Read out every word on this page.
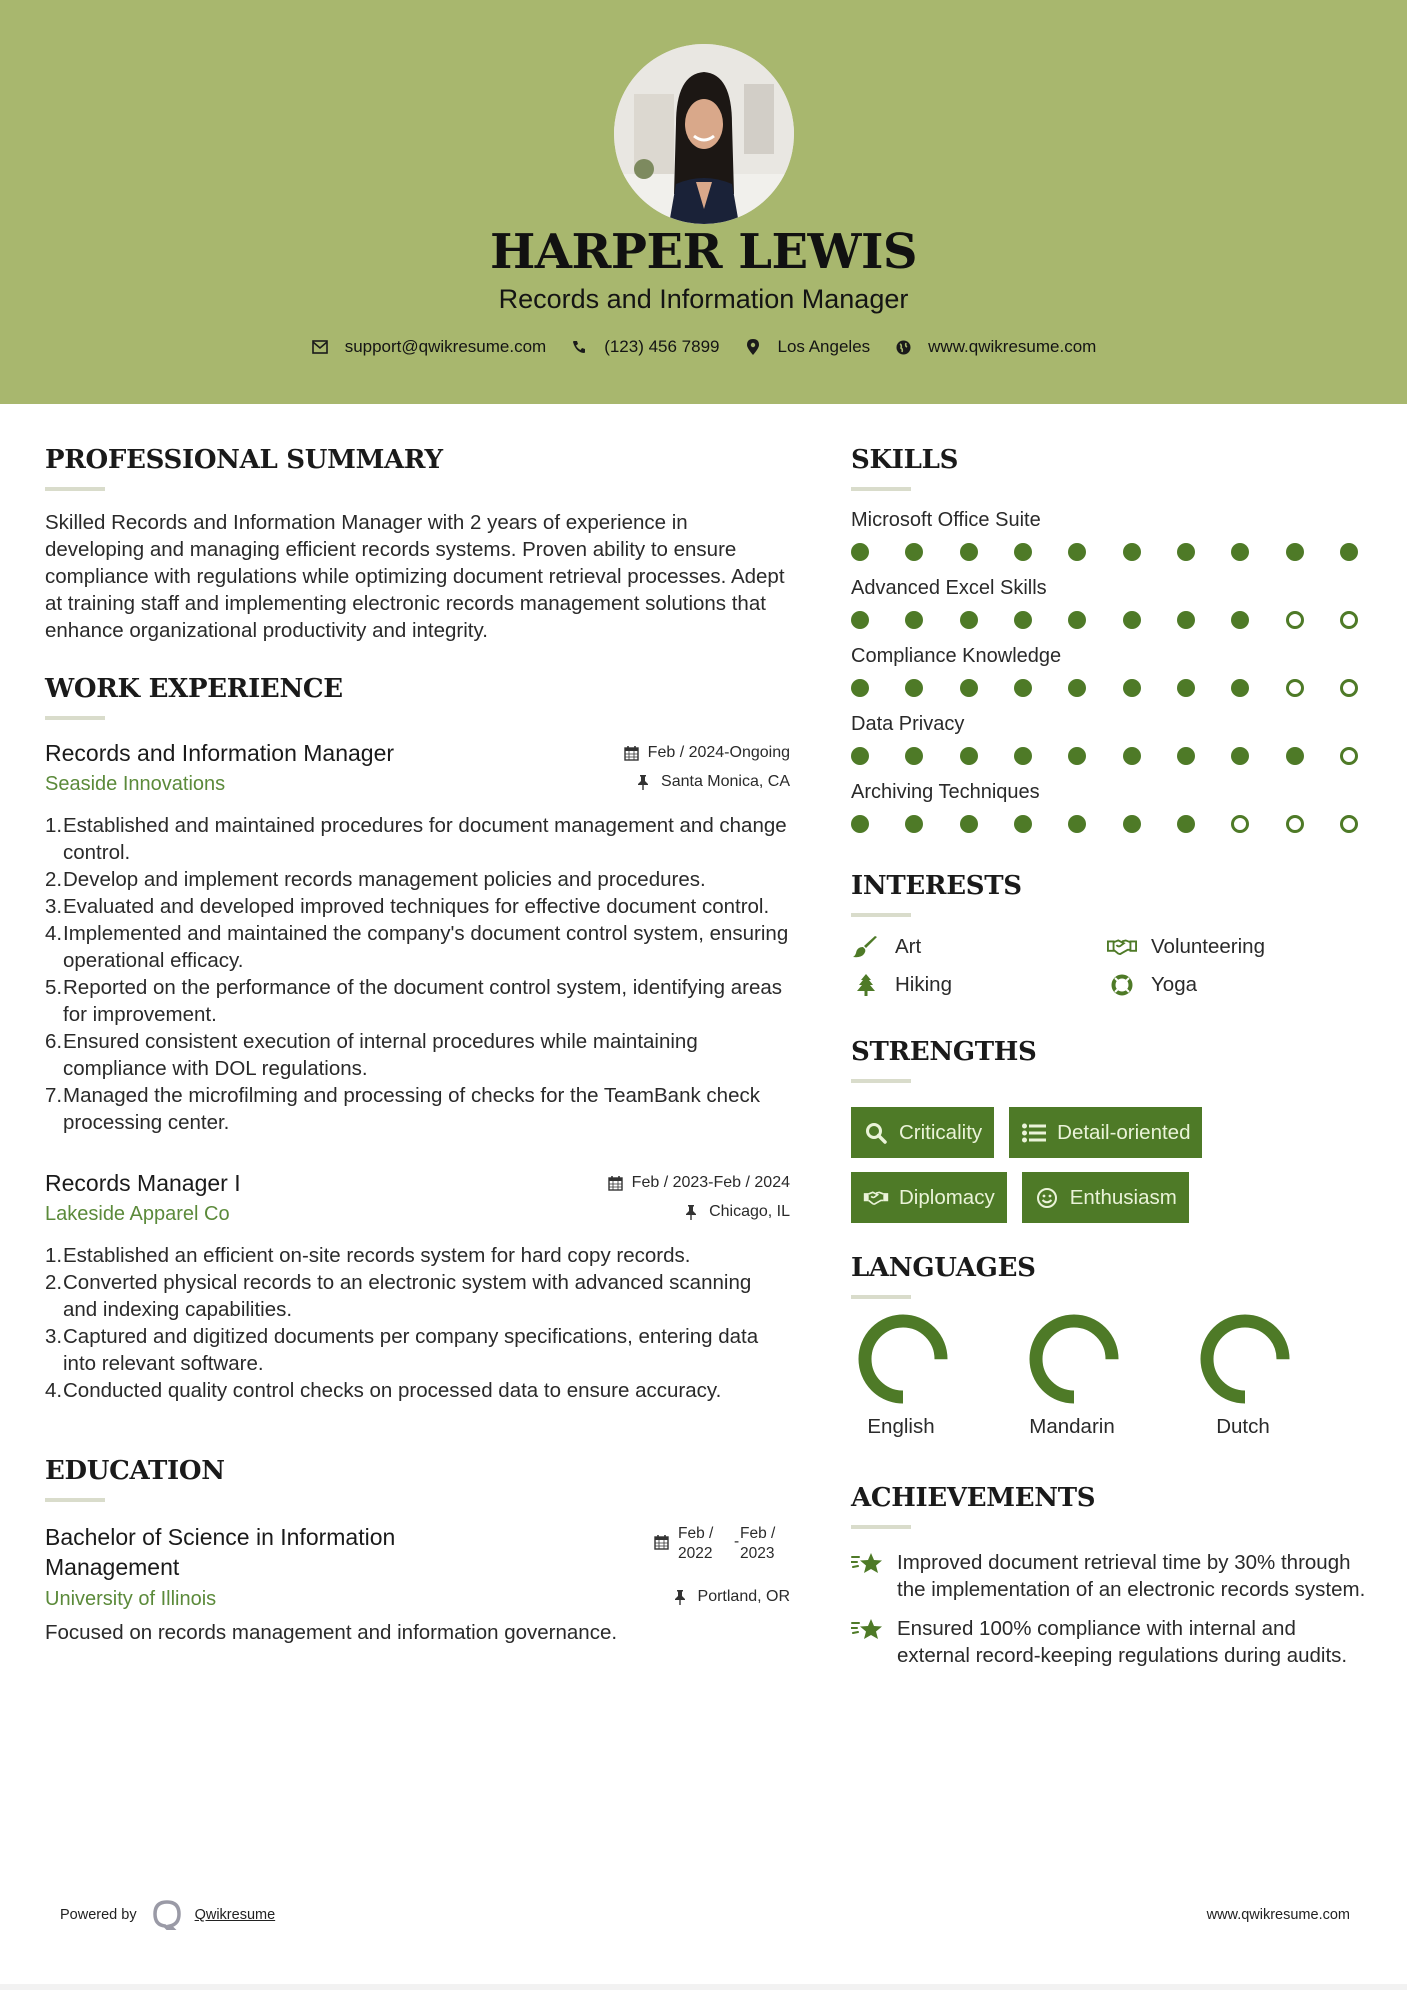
HARPER LEWIS
Records and Information Manager
support@qwikresume.com	(123) 456 7899	Los Angeles	www.qwikresume.com
PROFESSIONAL SUMMARY

Skilled Records and Information Manager with 2 years of experience in developing and managing efficient records systems. Proven ability to ensure compliance with regulations while optimizing document retrieval processes. Adept at training staff and implementing electronic records management solutions that enhance organizational productivity and integrity.

WORK EXPERIENCE
Records and Information Manager	Feb / 2024-Ongoing
Seaside Innovations	Santa Monica, CA
1. Established and maintained procedures for document management and change control.
2. Develop and implement records management policies and procedures.
3. Evaluated and developed improved techniques for effective document control.
4. Implemented and maintained the company's document control system, ensuring operational efficacy.
5. Reported on the performance of the document control system, identifying areas for improvement.
6. Ensured consistent execution of internal procedures while maintaining compliance with DOL regulations.
7. Managed the microfilming and processing of checks for the TeamBank check processing center.
Records Manager I	Feb / 2023-Feb / 2024
Lakeside Apparel Co	Chicago, IL
1. Established an efficient on-site records system for hard copy records.
2. Converted physical records to an electronic system with advanced scanning and indexing capabilities.
3. Captured and digitized documents per company specifications, entering data into relevant software.
4. Conducted quality control checks on processed data to ensure accuracy.
EDUCATION
Bachelor of Science in Information Management
Feb / 2022
- Feb / 2023
University of Illinois	Portland, OR

Focused on records management and information governance.

SKILLS
Microsoft Office Suite
Advanced Excel Skills
Compliance Knowledge
Data Privacy
Archiving Techniques
INTERESTS
Art	Volunteering
Hiking	Yoga
STRENGTHS
Criticality	Detail-oriented
Diplomacy	Enthusiasm
LANGUAGES
English	Mandarin	Dutch
ACHIEVEMENTS
Improved document retrieval time by 30% through the implementation of an electronic records system.
Ensured 100% compliance with internal and external record-keeping regulations during audits.
Powered by	Qwikresume	www.qwikresume.com
